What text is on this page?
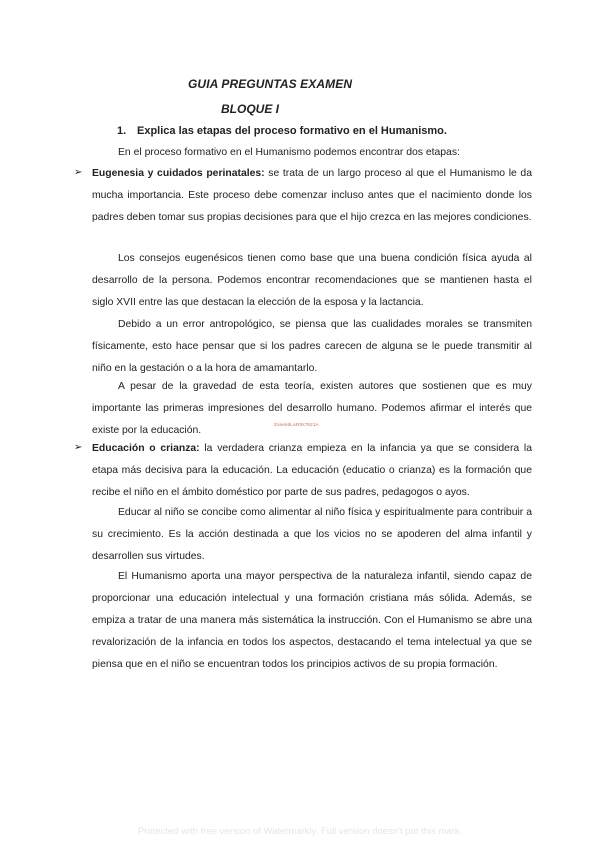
GUIA PREGUNTAS EXAMEN
BLOQUE I
1. Explica las etapas del proceso formativo en el Humanismo.
En el proceso formativo en el Humanismo podemos encontrar dos etapas:
➢ Eugenesia y cuidados perinatales: se trata de un largo proceso al que el Humanismo le da mucha importancia. Este proceso debe comenzar incluso antes que el nacimiento donde los padres deben tomar sus propias decisiones para que el hijo crezca en las mejores condiciones.
Los consejos eugenésicos tienen como base que una buena condición física ayuda al desarrollo de la persona. Podemos encontrar recomendaciones que se mantienen hasta el siglo XVII entre las que destacan la elección de la esposa y la lactancia.
Debido a un error antropológico, se piensa que las cualidades morales se transmiten físicamente, esto hace pensar que si los padres carecen de alguna se le puede transmitir al niño en la gestación o a la hora de amamantarlo.
A pesar de la gravedad de esta teoría, existen autores que sostienen que es muy importante las primeras impresiones del desarrollo humano. Podemos afirmar el interés que existe por la educación.
Zones6LAR0s7621A
➢ Educación o crianza: la verdadera crianza empieza en la infancia ya que se considera la etapa más decisiva para la educación. La educación (educatio o crianza) es la formación que recibe el niño en el ámbito doméstico por parte de sus padres, pedagogos o ayos.
Educar al niño se concibe como alimentar al niño física y espiritualmente para contribuir a su crecimiento. Es la acción destinada a que los vicios no se apoderen del alma infantil y desarrollen sus virtudes.
El Humanismo aporta una mayor perspectiva de la naturaleza infantil, siendo capaz de proporcionar una educación intelectual y una formación cristiana más sólida. Además, se empiza a tratar de una manera más sistemática la instrucción. Con el Humanismo se abre una revalorización de la infancia en todos los aspectos, destacando el tema intelectual ya que se piensa que en el niño se encuentran todos los principios activos de su propia formación.
Protected with free version of Watermarkly. Full version doesn't put this mark.
